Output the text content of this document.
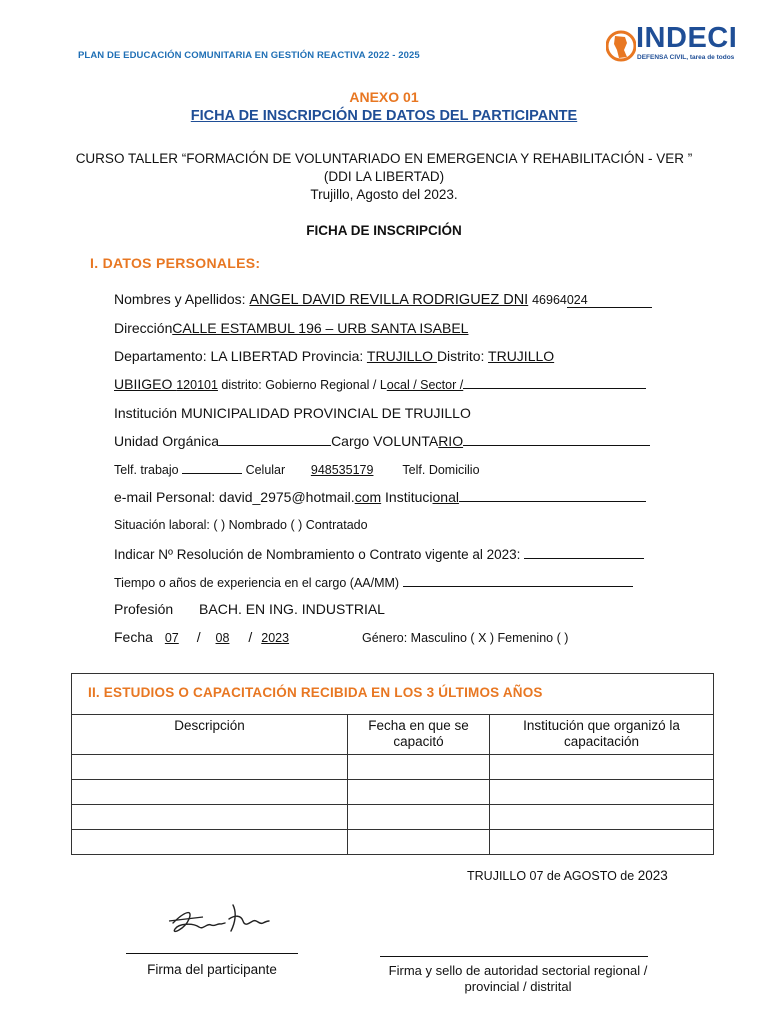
PLAN DE EDUCACIÓN COMUNITARIA EN GESTIÓN REACTIVA 2022 - 2025
INDECI
DEFENSA CIVIL, tarea de todos
ANEXO 01
FICHA DE INSCRIPCIÓN DE DATOS DEL PARTICIPANTE
CURSO TALLER “FORMACIÓN DE VOLUNTARIADO EN EMERGENCIA Y REHABILITACIÓN - VER ”
(DDI LA LIBERTAD)
Trujillo, Agosto del 2023.
FICHA DE INSCRIPCIÓN
I. DATOS PERSONALES:
Nombres y Apellidos: ANGEL DAVID REVILLA RODRIGUEZ DNI 46964024
Dirección CALLE ESTAMBUL 196 – URB SANTA ISABEL
Departamento: LA LIBERTAD Provincia: TRUJILLO Distrito: TRUJILLO
UBIIGEO 120101 distrito: Gobierno Regional / Local / Sector /
Institución MUNICIPALIDAD PROVINCIAL DE TRUJILLO
Unidad Orgánica	Cargo VOLUNTARIO
Telf. trabajo	Celular 948535179 Telf. Domicilio
e-mail Personal: david_2975@hotmail.com Institucional
Situación laboral: ( ) Nombrado ( ) Contratado
Indicar Nº Resolución de Nombramiento o Contrato vigente al 2023:
Tiempo o años de experiencia en el cargo (AA/MM)
Profesión BACH. EN ING. INDUSTRIAL
Fecha 07 / 08 / 2023	Género: Masculino ( X ) Femenino ( )
II. ESTUDIOS O CAPACITACIÓN RECIBIDA EN LOS 3 ÚLTIMOS AÑOS		
Descripción	Fecha en que se capacitó	Institución que organizó la capacitación

TRUJILLO 07 de AGOSTO de 2023
Firma del participante	Firma y sello de autoridad sectorial regional / provincial / distrital
